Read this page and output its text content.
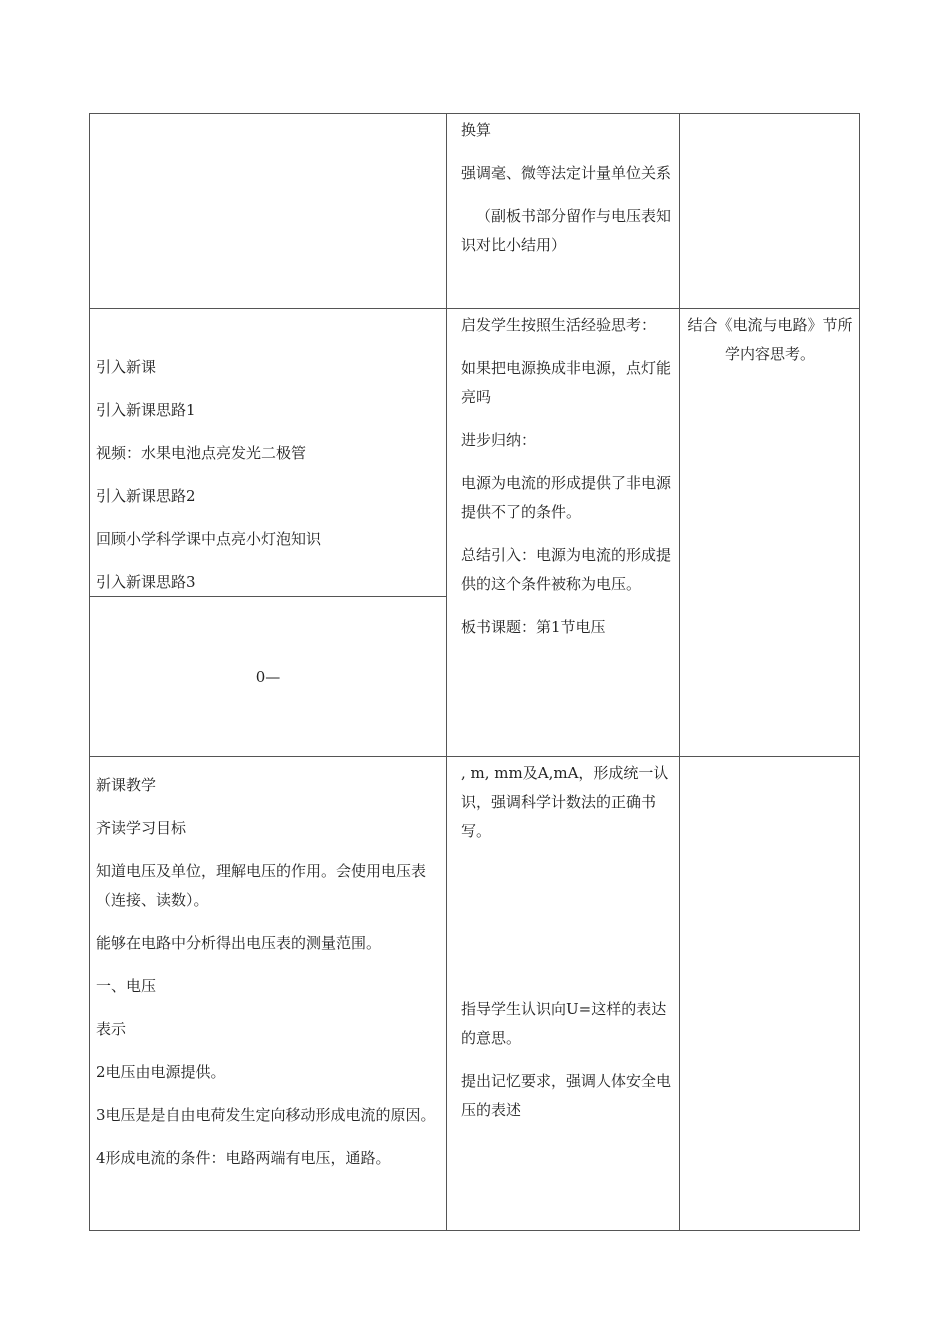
换算

强调毫、微等法定计量单位关系

（副板书部分留作与电压表知识对比小结用）

引入新课

引入新课思路1

视频：水果电池点亮发光二极管

引入新课思路2

回顾小学科学课中点亮小灯泡知识

引入新课思路3

0—

启发学生按照生活经验思考：

如果把电源换成非电源，点灯能亮吗

进步归纳：

电源为电流的形成提供了非电源提供不了的条件。

总结引入：电源为电流的形成提供的这个条件被称为电压。

板书课题：第1节电压

结合《电流与电路》节所学内容思考。

新课教学

齐读学习目标

知道电压及单位，理解电压的作用。会使用电压表（连接、读数）。

能够在电路中分析得出电压表的测量范围。

一、电压

表示

2电压由电源提供。

3电压是是自由电荷发生定向移动形成电流的原因。

4形成电流的条件：电路两端有电压，通路。

, m, mm及A,mA，形成统一认识，强调科学计数法的正确书写。

指导学生认识向U=这样的表达的意思。

提出记忆要求，强调人体安全电压的表述
